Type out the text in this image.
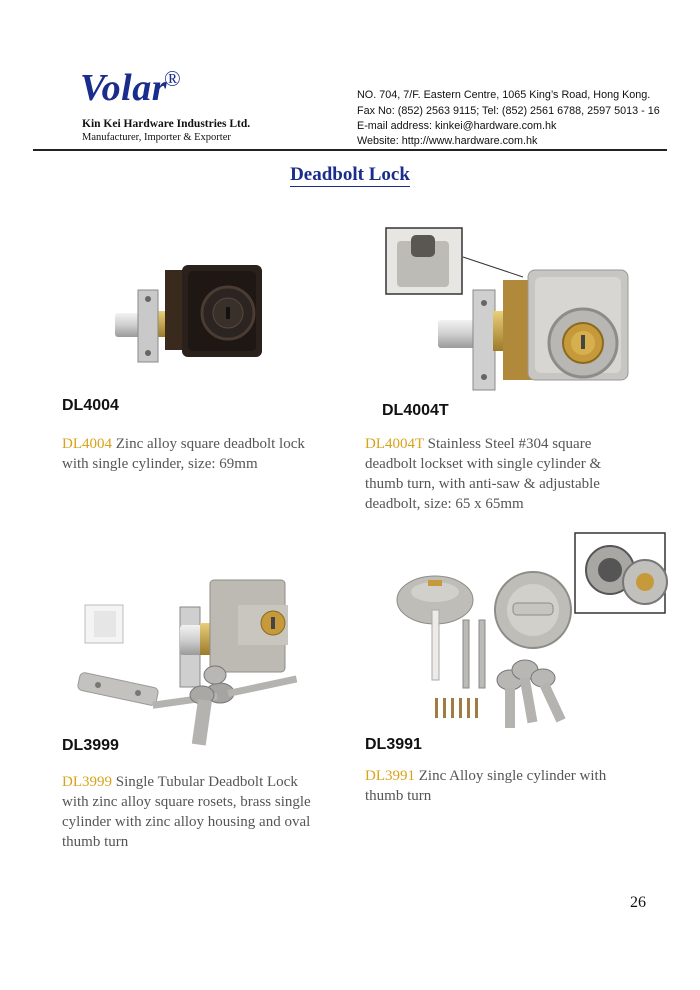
Volar
®
Kin Kei Hardware Industries Ltd.
Manufacturer, Importer & Exporter
NO. 704, 7/F. Eastern Centre, 1065 King’s Road, Hong Kong.
Fax No: (852) 2563 9115; Tel: (852) 2561 6788, 2597 5013 - 16
E-mail address: kinkei@hardware.com.hk
Website: http://www.hardware.com.hk
Deadbolt Lock
DL4004	DL4004T
DL4004 Zinc alloy square deadbolt lock
with single cylinder, size: 69mm
DL4004T Stainless Steel #304 square
deadbolt lockset with single cylinder &
thumb turn, with anti-saw & adjustable
deadbolt, size: 65 x 65mm
DL3999	DL3991
DL3999 Single Tubular Deadbolt Lock
with zinc alloy square rosets, brass single
cylinder with zinc alloy housing and oval
thumb turn
DL3991 Zinc Alloy single cylinder with
thumb turn
26
